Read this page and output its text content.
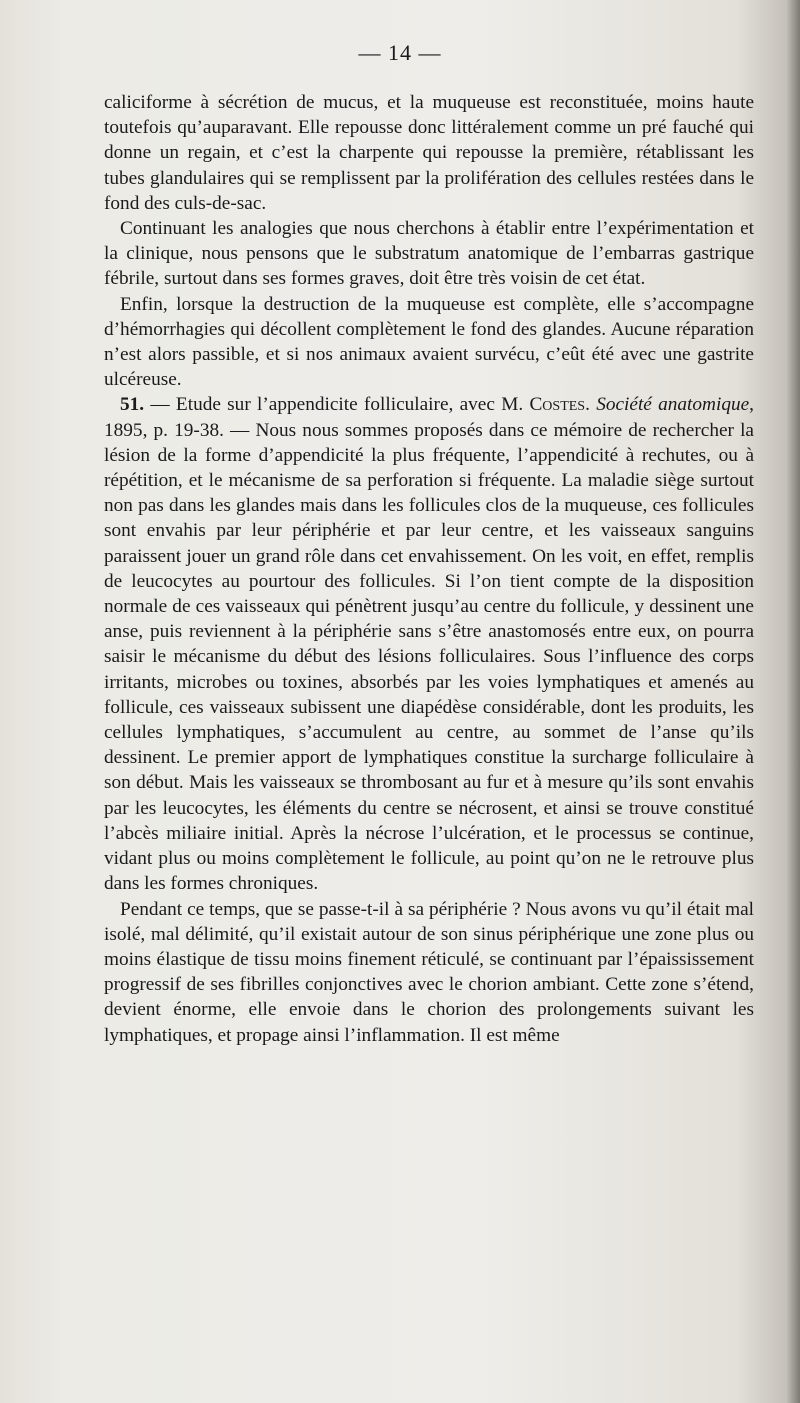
— 14 —

caliciforme à sécrétion de mucus, et la muqueuse est reconstituée, moins haute toutefois qu’auparavant. Elle repousse donc littéralement comme un pré fauché qui donne un regain, et c’est la charpente qui repousse la première, rétablissant les tubes glandulaires qui se remplissent par la prolifération des cellules restées dans le fond des culs-de-sac.

Continuant les analogies que nous cherchons à établir entre l’expérimentation et la clinique, nous pensons que le substratum anatomique de l’embarras gastrique fébrile, surtout dans ses formes graves, doit être très voisin de cet état.

Enfin, lorsque la destruction de la muqueuse est complète, elle s’accompagne d’hémorrhagies qui décollent complètement le fond des glandes. Aucune réparation n’est alors passible, et si nos animaux avaient survécu, c’eût été avec une gastrite ulcéreuse.

51. — Etude sur l’appendicite folliculaire, avec M. Costes. Société anatomique, 1895, p. 19-38. — Nous nous sommes proposés dans ce mémoire de rechercher la lésion de la forme d’appendicité la plus fréquente, l’appendicité à rechutes, ou à répétition, et le mécanisme de sa perforation si fréquente. La maladie siège surtout non pas dans les glandes mais dans les follicules clos de la muqueuse, ces follicules sont envahis par leur périphérie et par leur centre, et les vaisseaux sanguins paraissent jouer un grand rôle dans cet envahissement. On les voit, en effet, remplis de leucocytes au pourtour des follicules. Si l’on tient compte de la disposition normale de ces vaisseaux qui pénètrent jusqu’au centre du follicule, y dessinent une anse, puis reviennent à la périphérie sans s’être anastomosés entre eux, on pourra saisir le mécanisme du début des lésions folliculaires. Sous l’influence des corps irritants, microbes ou toxines, absorbés par les voies lymphatiques et amenés au follicule, ces vaisseaux subissent une diapédèse considérable, dont les produits, les cellules lymphatiques, s’accumulent au centre, au sommet de l’anse qu’ils dessinent. Le premier apport de lymphatiques constitue la surcharge folliculaire à son début. Mais les vaisseaux se thrombosant au fur et à mesure qu’ils sont envahis par les leucocytes, les éléments du centre se nécrosent, et ainsi se trouve constitué l’abcès miliaire initial. Après la nécrose l’ulcération, et le processus se continue, vidant plus ou moins complètement le follicule, au point qu’on ne le retrouve plus dans les formes chroniques.

Pendant ce temps, que se passe-t-il à sa périphérie ? Nous avons vu qu’il était mal isolé, mal délimité, qu’il existait autour de son sinus périphérique une zone plus ou moins élastique de tissu moins finement réticulé, se continuant par l’épaississement progressif de ses fibrilles conjonctives avec le chorion ambiant. Cette zone s’étend, devient énorme, elle envoie dans le chorion des prolongements suivant les lymphatiques, et propage ainsi l’inflammation. Il est même
